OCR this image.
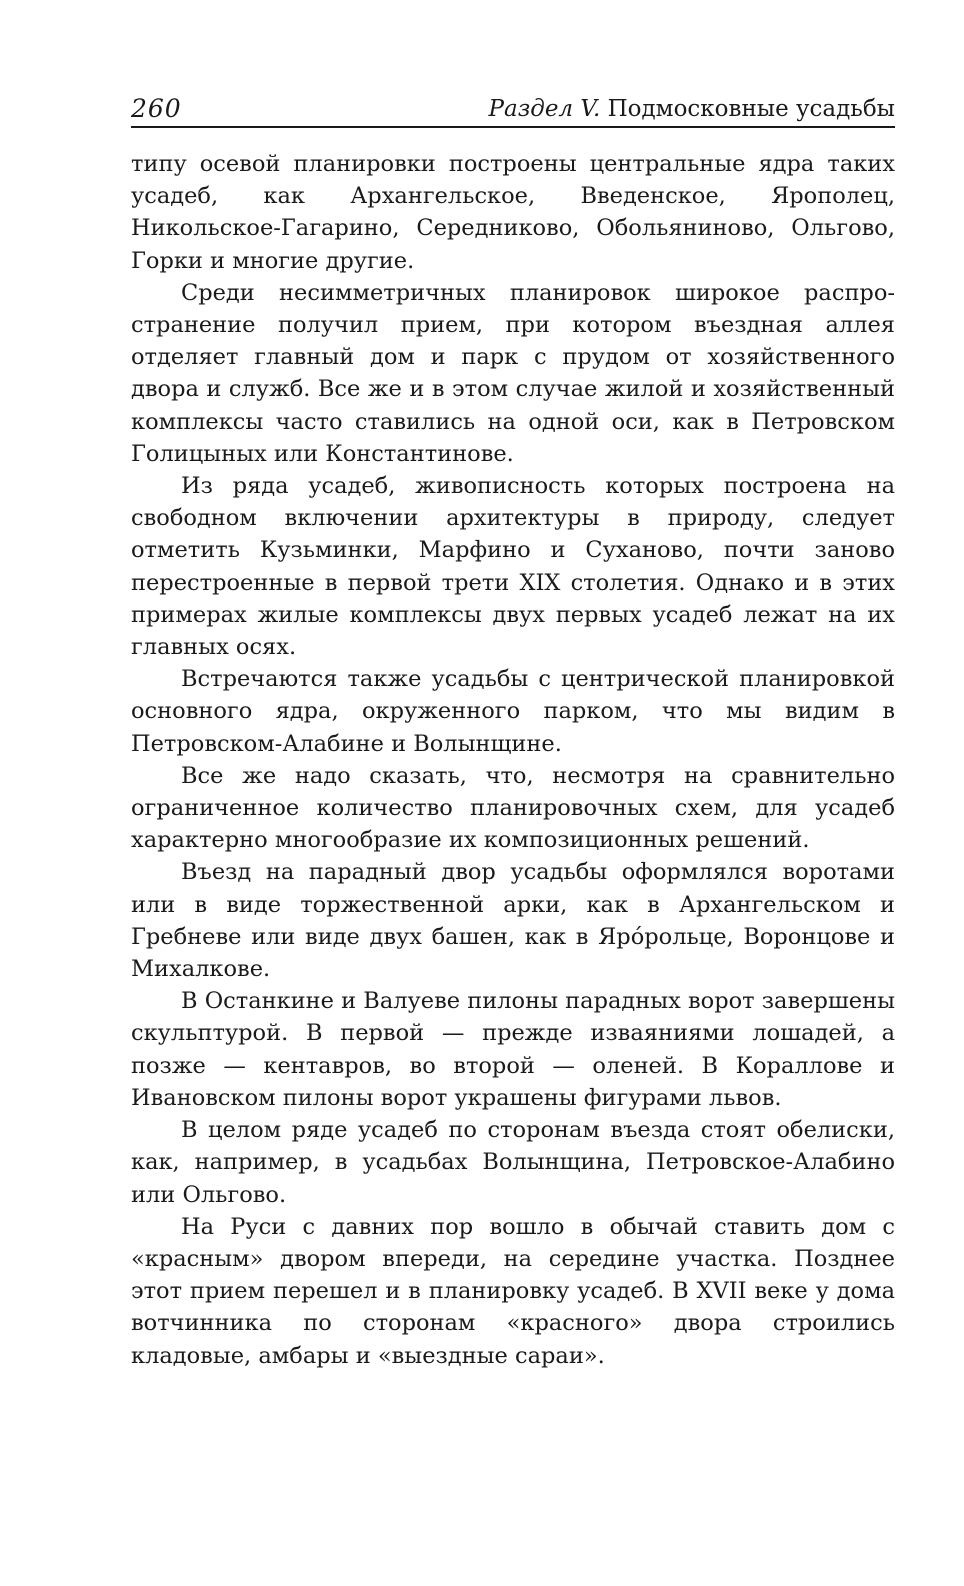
260	Раздел V. Подмосковные усадьбы

типу осевой планировки построены центральные ядра таких усадеб, как Архангельское, Введенское, Ярополец, Никольское-Гагарино, Середниково, Обольяниново, Ольгово, Горки и многие другие.

Среди несимметричных планировок широкое распространение получил прием, при котором въездная аллея отделяет главный дом и парк с прудом от хозяйственного двора и служб. Все же и в этом случае жилой и хозяйственный комплексы часто ставились на одной оси, как в Петровском Голицыных или Константинове.

Из ряда усадеб, живописность которых построена на свободном включении архитектуры в природу, следует отметить Кузьминки, Марфино и Суханово, почти заново перестроенные в первой трети XIX столетия. Однако и в этих примерах жилые комплексы двух первых усадеб лежат на их главных осях.

Встречаются также усадьбы с центрической планировкой основного ядра, окруженного парком, что мы видим в Петровском-Алабине и Волынщине.

Все же надо сказать, что, несмотря на сравнительно ограниченное количество планировочных схем, для усадеб характерно многообразие их композиционных решений.

Въезд на парадный двор усадьбы оформлялся воротами или в виде торжественной арки, как в Архангельском и Гребневе или виде двух башен, как в Ярópольце, Воронцове и Михалкове.

В Останкине и Валуеве пилоны парадных ворот завершены скульптурой. В первой — прежде изваяниями лошадей, а позже — кентавров, во второй — оленей. В Кораллове и Ивановском пилоны ворот украшены фигурами львов.

В целом ряде усадеб по сторонам въезда стоят обелиски, как, например, в усадьбах Волынщина, Петровское-Алабино или Ольгово.

На Руси с давних пор вошло в обычай ставить дом с «красным» двором впереди, на середине участка. Позднее этот прием перешел и в планировку усадеб. В XVII веке у дома вотчинника по сторонам «красного» двора строились кладовые, амбары и «выездные сараи».
